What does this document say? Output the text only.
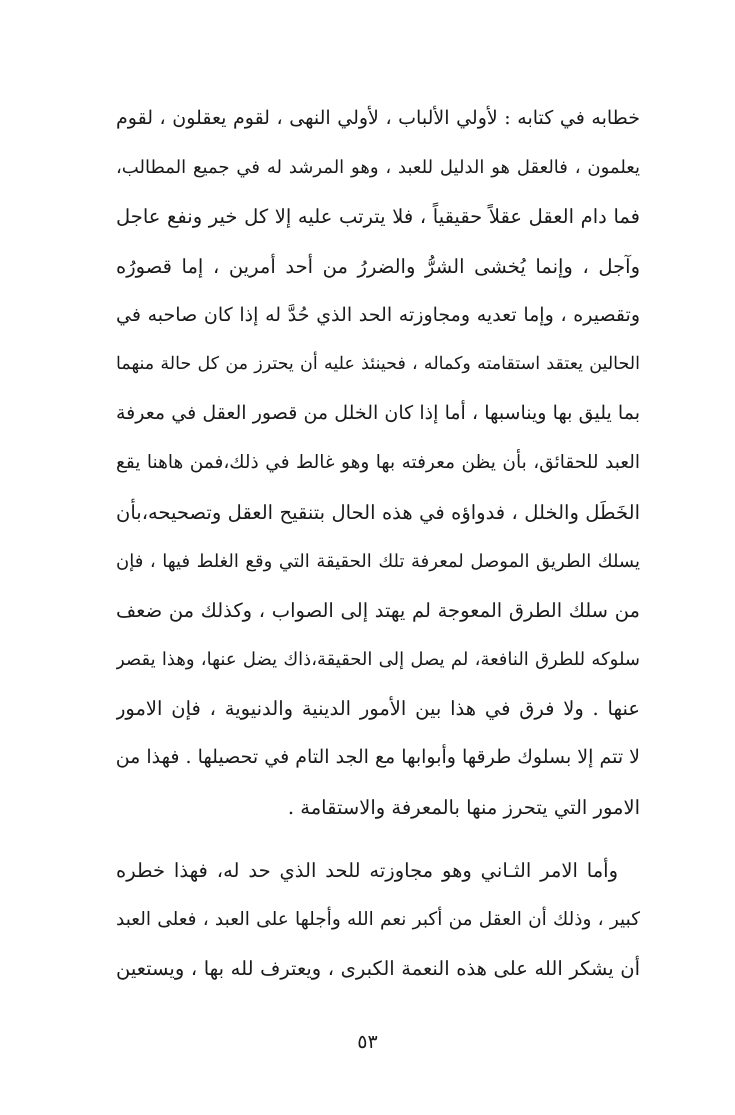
خطابه في كتابه : لأولي الألباب ، لأولي النهى ، لقوم يعقلون ، لقوم
يعلمون ، فالعقل هو الدليل للعبد ، وهو المرشد له في جميع المطالب،
فما دام العقل عقلاً حقيقياً ، فلا يترتب عليه إلا كل خير ونفع عاجل
وآجل ، وإنما يُخشى الشرُّ والضررُ من أحد أمرين ، إما قصورُه
وتقصيره ، وإما تعديه ومجاوزته الحد الذي حُدَّ له إذا كان صاحبه في
الحالين يعتقد استقامته وكماله ، فحينئذ عليه أن يحترز من كل حالة منهما
بما يليق بها ويناسبها ، أما إذا كان الخلل من قصور العقل في معرفة
العبد للحقائق، بأن يظن معرفته بها وهو غالط في ذلك،فمن هاهنا يقع
الخَطَل والخلل ، فدواؤه في هذه الحال بتنقيح العقل وتصحيحه،بأن
يسلك الطريق الموصل لمعرفة تلك الحقيقة التي وقع الغلط فيها ، فإن
من سلك الطرق المعوجة لم يهتد إلى الصواب ، وكذلك من ضعف
سلوكه للطرق النافعة، لم يصل إلى الحقيقة،ذاك يضل عنها، وهذا يقصر
عنها . ولا فرق في هذا بين الأمور الدينية والدنيوية ، فإن الامور
لا تتم إلا بسلوك طرقها وأبوابها مع الجد التام في تحصيلها . فهذا من
الامور التي يتحرز منها بالمعرفة والاستقامة .
وأما الامر الثـاني وهو مجاوزته للحد الذي حد له، فهذا خطره
كبير ، وذلك أن العقل من أكبر نعم الله وأجلها على العبد ، فعلى العبد
أن يشكر الله على هذه النعمة الكبرى ، ويعترف لله بها ، ويستعين
٥٣
